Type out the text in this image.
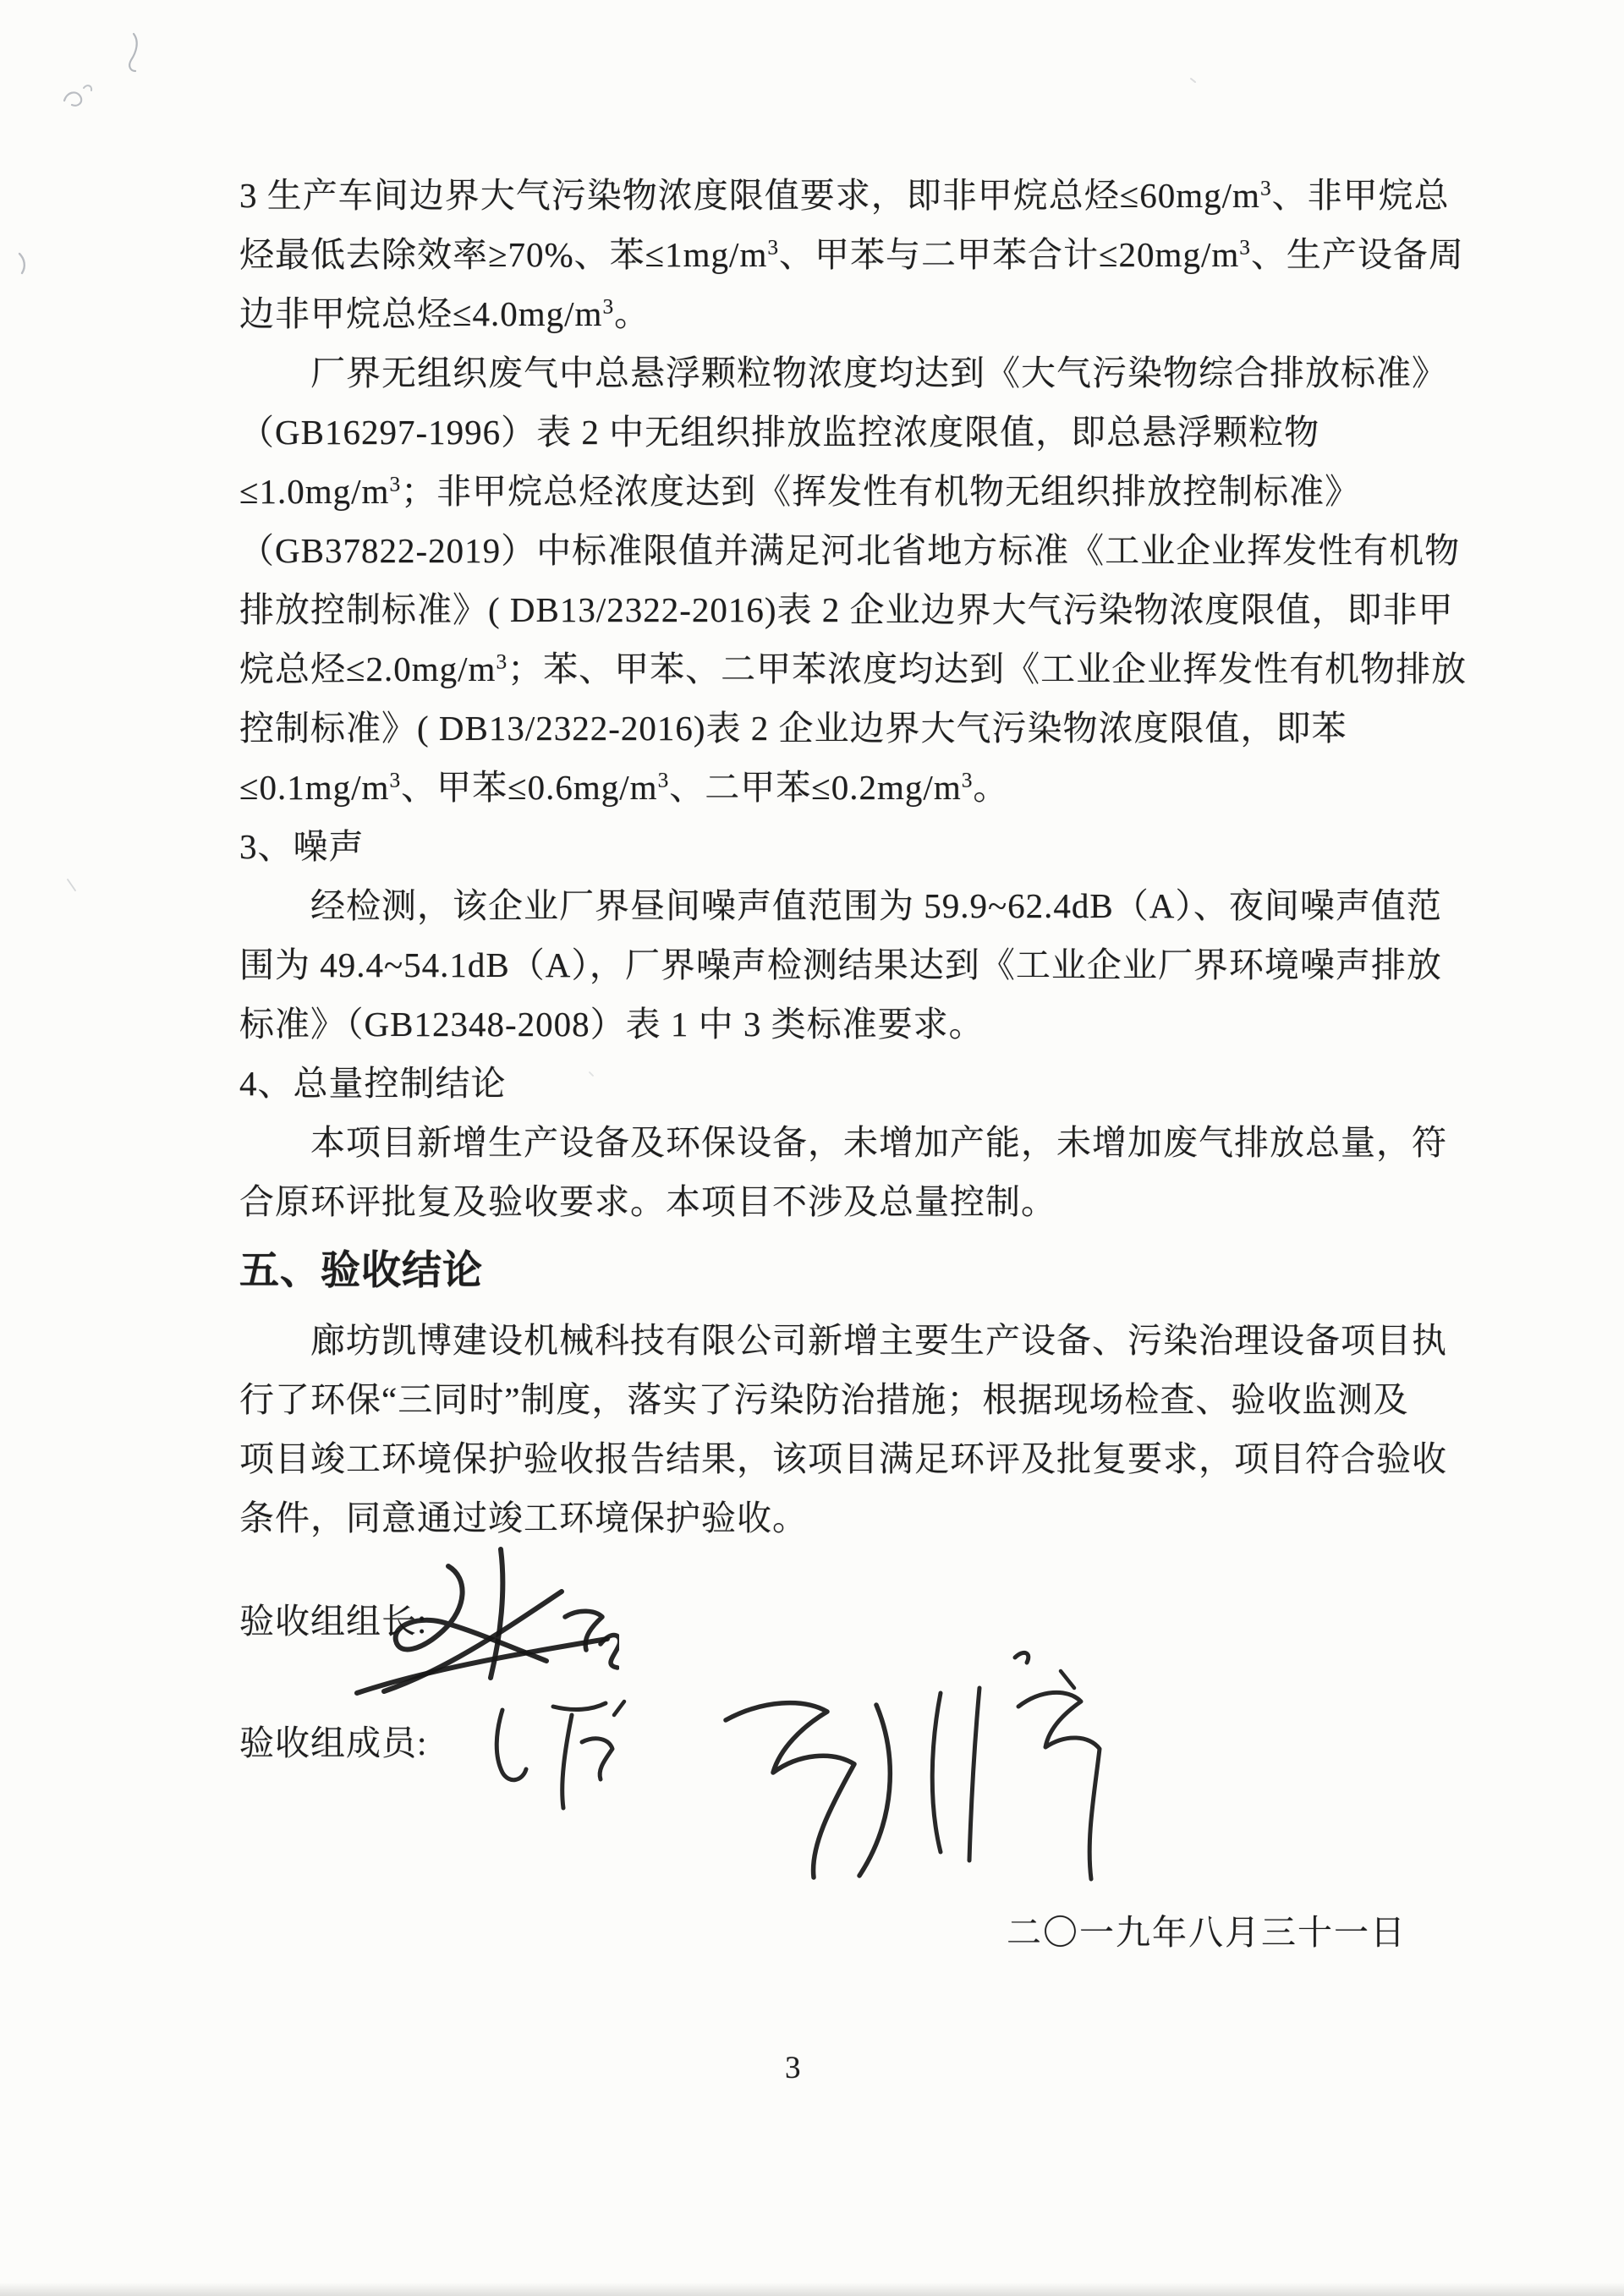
3 生产车间边界大气污染物浓度限值要求，即非甲烷总烃$\le 60mg/m^3$、非甲烷总
烃最低去除效率≥70%、苯$\le 1mg/m^3$、甲苯与二甲苯合计$\le 20mg/m^3$、生产设备周
边非甲烷总烃$\le 4.0mg/m^3$。
厂界无组织废气中总悬浮颗粒物浓度均达到《大气污染物综合排放标准》
（GB16297-1996）表 2 中无组织排放监控浓度限值，即总悬浮颗粒物
$\le 1.0mg/m^3$；非甲烷总烃浓度达到《挥发性有机物无组织排放控制标准》
（GB37822-2019）中标准限值并满足河北省地方标准《工业企业挥发性有机物
排放控制标准》( DB13/2322-2016)表 2 企业边界大气污染物浓度限值，即非甲
烷总烃$\le 2.0mg/m^3$；苯、甲苯、二甲苯浓度均达到《工业企业挥发性有机物排放
控制标准》( DB13/2322-2016)表 2 企业边界大气污染物浓度限值，即苯
$\le 0.1mg/m^3$、甲苯$\le 0.6mg/m^3$、二甲苯$\le 0.2mg/m^3$。
3、噪声
经检测，该企业厂界昼间噪声值范围为 59.9~62.4dB（A）、夜间噪声值范
围为 49.4~54.1dB（A），厂界噪声检测结果达到《工业企业厂界环境噪声排放
标准》（GB12348-2008）表 1 中 3 类标准要求。
4、总量控制结论
本项目新增生产设备及环保设备，未增加产能，未增加废气排放总量，符
合原环评批复及验收要求。本项目不涉及总量控制。
五、验收结论
廊坊凯博建设机械科技有限公司新增主要生产设备、污染治理设备项目执
行了环保“三同时”制度，落实了污染防治措施；根据现场检查、验收监测及
项目竣工环境保护验收报告结果，该项目满足环评及批复要求，项目符合验收
条件，同意通过竣工环境保护验收。
验收组组长:
验收组成员:
二〇一九年八月三十一日
3
